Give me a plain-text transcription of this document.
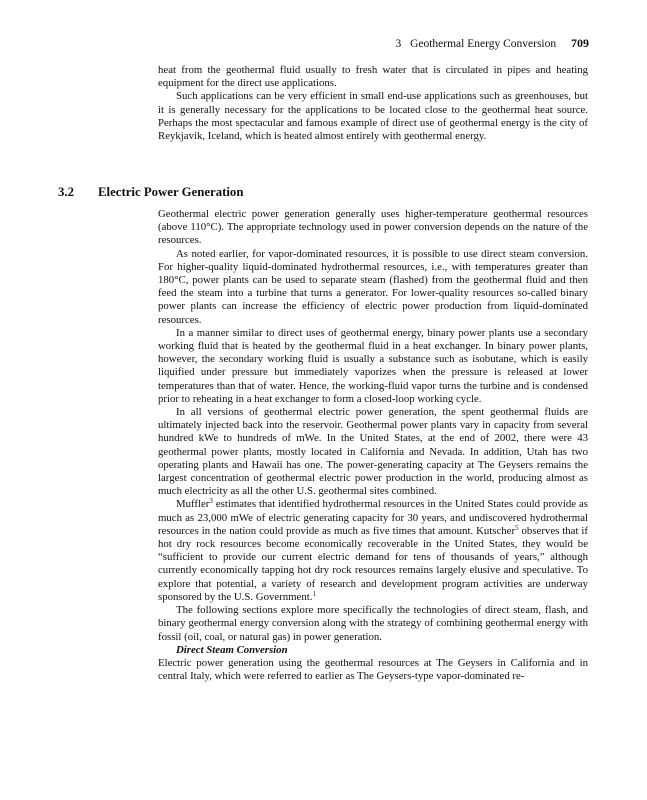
3 Geothermal Energy Conversion 709

heat from the geothermal fluid usually to fresh water that is circulated in pipes and heating equipment for the direct use applications.

Such applications can be very efficient in small end-use applications such as greenhouses, but it is generally necessary for the applications to be located close to the geothermal heat source. Perhaps the most spectacular and famous example of direct use of geothermal energy is the city of Reykjavik, Iceland, which is heated almost entirely with geothermal energy.

3.2 Electric Power Generation

Geothermal electric power generation generally uses higher-temperature geothermal resources (above 110°C). The appropriate technology used in power conversion depends on the nature of the resources.

As noted earlier, for vapor-dominated resources, it is possible to use direct steam conversion. For higher-quality liquid-dominated hydrothermal resources, i.e., with temperatures greater than 180°C, power plants can be used to separate steam (flashed) from the geothermal fluid and then feed the steam into a turbine that turns a generator. For lower-quality resources so-called binary power plants can increase the efficiency of electric power production from liquid-dominated resources.

In a manner similar to direct uses of geothermal energy, binary power plants use a secondary working fluid that is heated by the geothermal fluid in a heat exchanger. In binary power plants, however, the secondary working fluid is usually a substance such as isobutane, which is easily liquified under pressure but immediately vaporizes when the pressure is released at lower temperatures than that of water. Hence, the working-fluid vapor turns the turbine and is condensed prior to reheating in a heat exchanger to form a closed-loop working cycle.

In all versions of geothermal electric power generation, the spent geothermal fluids are ultimately injected back into the reservoir. Geothermal power plants vary in capacity from several hundred kWe to hundreds of mWe. In the United States, at the end of 2002, there were 43 geothermal power plants, mostly located in California and Nevada. In addition, Utah has two operating plants and Hawaii has one. The power-generating capacity at The Geysers remains the largest concentration of geothermal electric power production in the world, producing almost as much electricity as all the other U.S. geothermal sites combined.

Muffler$^3$ estimates that identified hydrothermal resources in the United States could provide as much as 23,000 mWe of electric generating capacity for 30 years, and undiscovered hydrothermal resources in the nation could provide as much as five times that amount. Kutscher$^5$ observes that if hot dry rock resources become economically recoverable in the United States, they would be “sufficient to provide our current electric demand for tens of thousands of years,” although currently economically tapping hot dry rock resources remains largely elusive and speculative. To explore that potential, a variety of research and development program activities are underway sponsored by the U.S. Government.$^1$

The following sections explore more specifically the technologies of direct steam, flash, and binary geothermal energy conversion along with the strategy of combining geothermal energy with fossil (oil, coal, or natural gas) in power generation.

Direct Steam Conversion

Electric power generation using the geothermal resources at The Geysers in California and in central Italy, which were referred to earlier as The Geysers-type vapor-dominated re-
